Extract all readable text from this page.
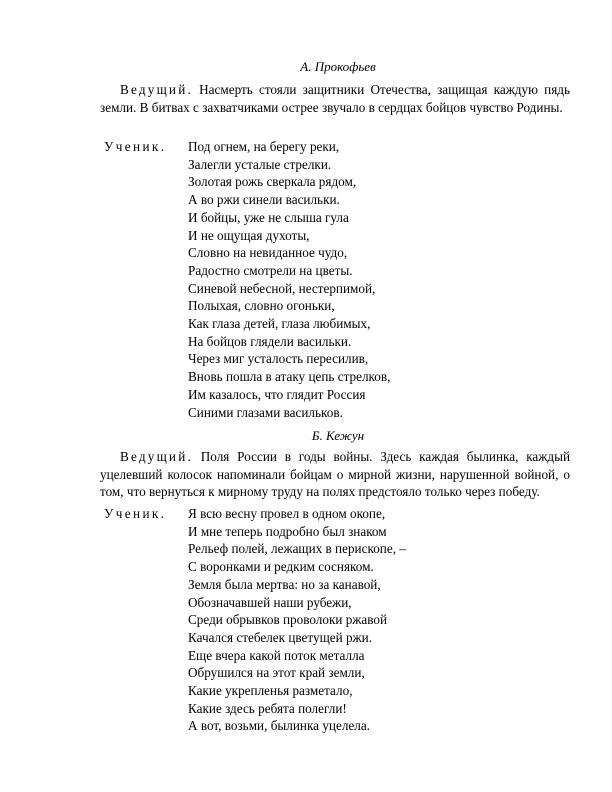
А. Прокофьев
Ведущий. Насмерть стояли защитники Отечества, защищая каждую пядь земли. В битвах с захватчиками острее звучало в сердцах бойцов чувство Родины.
Ученик. Под огнем, на берегу реки,
Залегли усталые стрелки.
Золотая рожь сверкала рядом,
А во ржи синели васильки.
И бойцы, уже не слыша гула
И не ощущая духоты,
Словно на невиданное чудо,
Радостно смотрели на цветы.
Синевой небесной, нестерпимой,
Полыхая, словно огоньки,
Как глаза детей, глаза любимых,
На бойцов глядели васильки.
Через миг усталость пересилив,
Вновь пошла в атаку цепь стрелков,
Им казалось, что глядит Россия
Синими глазами васильков.
Б. Кежун
Ведущий. Поля России в годы войны. Здесь каждая былинка, каждый уцелевший колосок напоминали бойцам о мирной жизни, нарушенной войной, о том, что вернуться к мирному труду на полях предстояло только через победу.
Ученик. Я всю весну провел в одном окопе,
И мне теперь подробно был знаком
Рельеф полей, лежащих в перископе, –
С воронками и редким сосняком.
Земля была мертва: но за канавой,
Обозначавшей наши рубежи,
Среди обрывков проволоки ржавой
Качался стебелек цветущей ржи.
Еще вчера какой поток металла
Обрушился на этот край земли,
Какие укрепленья разметало,
Какие здесь ребята полегли!
А вот, возьми, былинка уцелела.
